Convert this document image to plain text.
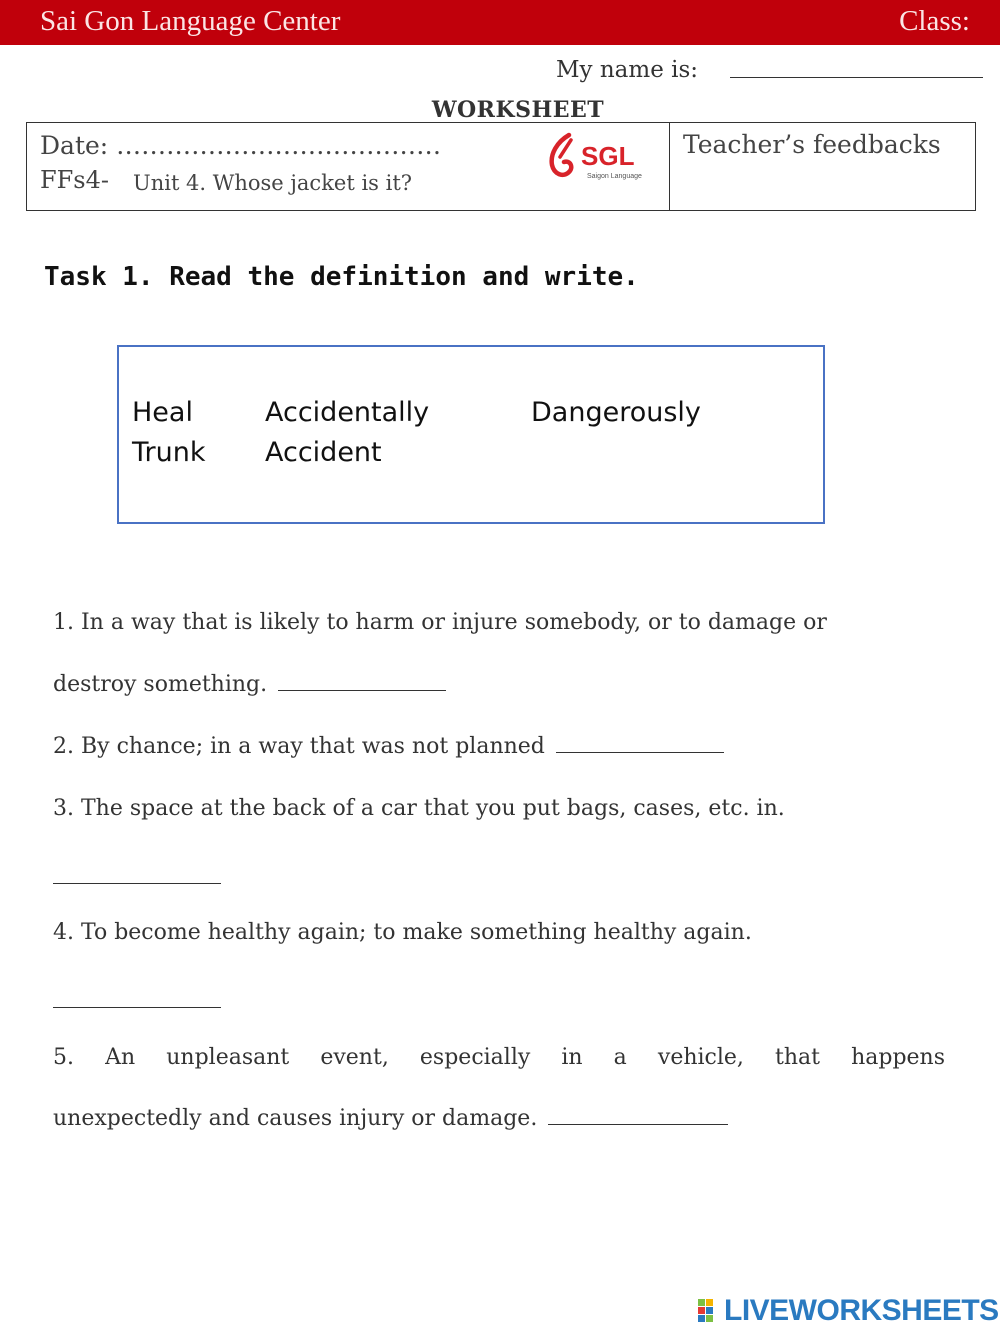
Sai Gon Language Center	Class:
My name is:
WORKSHEET
Date: …………………………………
FFs4- Unit 4. Whose jacket is it?
SGL
Saigon Language
Teacher’s feedbacks
Task 1. Read the definition and write.
Heal	Accidentally	Dangerously
Trunk Accident
1. In a way that is likely to harm or injure somebody, or to damage or
destroy something.
2. By chance; in a way that was not planned
3. The space at the back of a car that you put bags, cases, etc. in.
4. To become healthy again; to make something healthy again.
5. An unpleasant event, especially in a vehicle, that happens
unexpectedly and causes injury or damage.
LIVEWORKSHEETS
